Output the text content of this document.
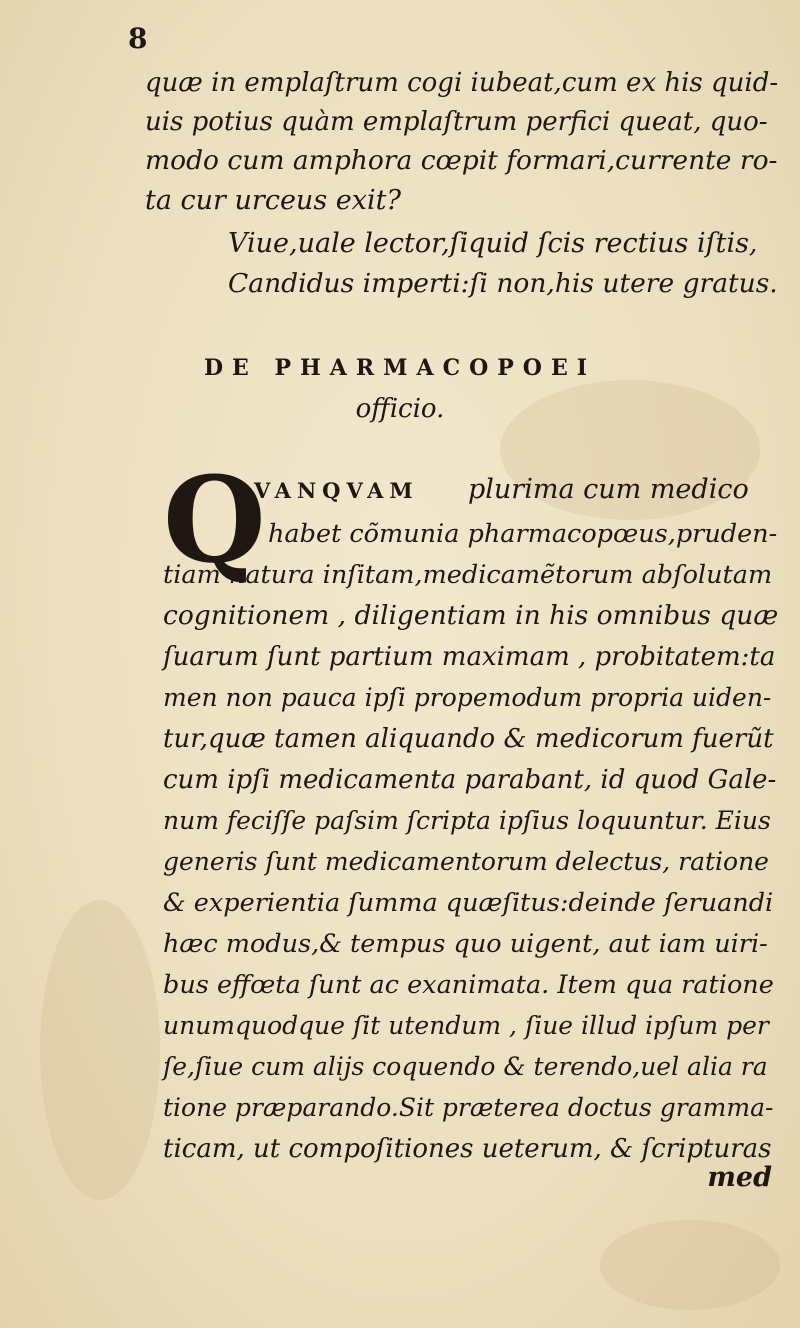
8
quæ in emplaſtrum cogi iubeat,cum ex his quid-
uis potius quàm emplaſtrum perfici queat, quo-
modo cum amphora cœpit formari,currente ro-
ta cur urceus exit?
Viue,uale lector,ſiquid ſcis rectius iſtis,
Candidus imperti:ſi non,his utere gratus.
DE PHARMACOPOEI
officio.
Q
VANQVAM plurima cum medico
habet cõmunia pharmacopœus,pruden-
tiam natura inſitam,medicamẽtorum abſolutam
cognitionem , diligentiam in his omnibus quæ
ſuarum ſunt partium maximam , probitatem:ta
men non pauca ipſi propemodum propria uiden-
tur,quæ tamen aliquando & medicorum fuerũt
cum ipſi medicamenta parabant, id quod Gale-
num feciſſe paſsim ſcripta ipſius loquuntur. Eius
generis ſunt medicamentorum delectus, ratione
& experientia ſumma quæſitus:deinde ſeruandi
hæc modus,& tempus quo uigent, aut iam uiri-
bus effœta ſunt ac exanimata. Item qua ratione
unumquodque ſit utendum , ſiue illud ipſum per
ſe,ſiue cum alijs coquendo & terendo,uel alia ra
tione præparando.Sit præterea doctus gramma-
ticam, ut compoſitiones ueterum, & ſcripturas
med
